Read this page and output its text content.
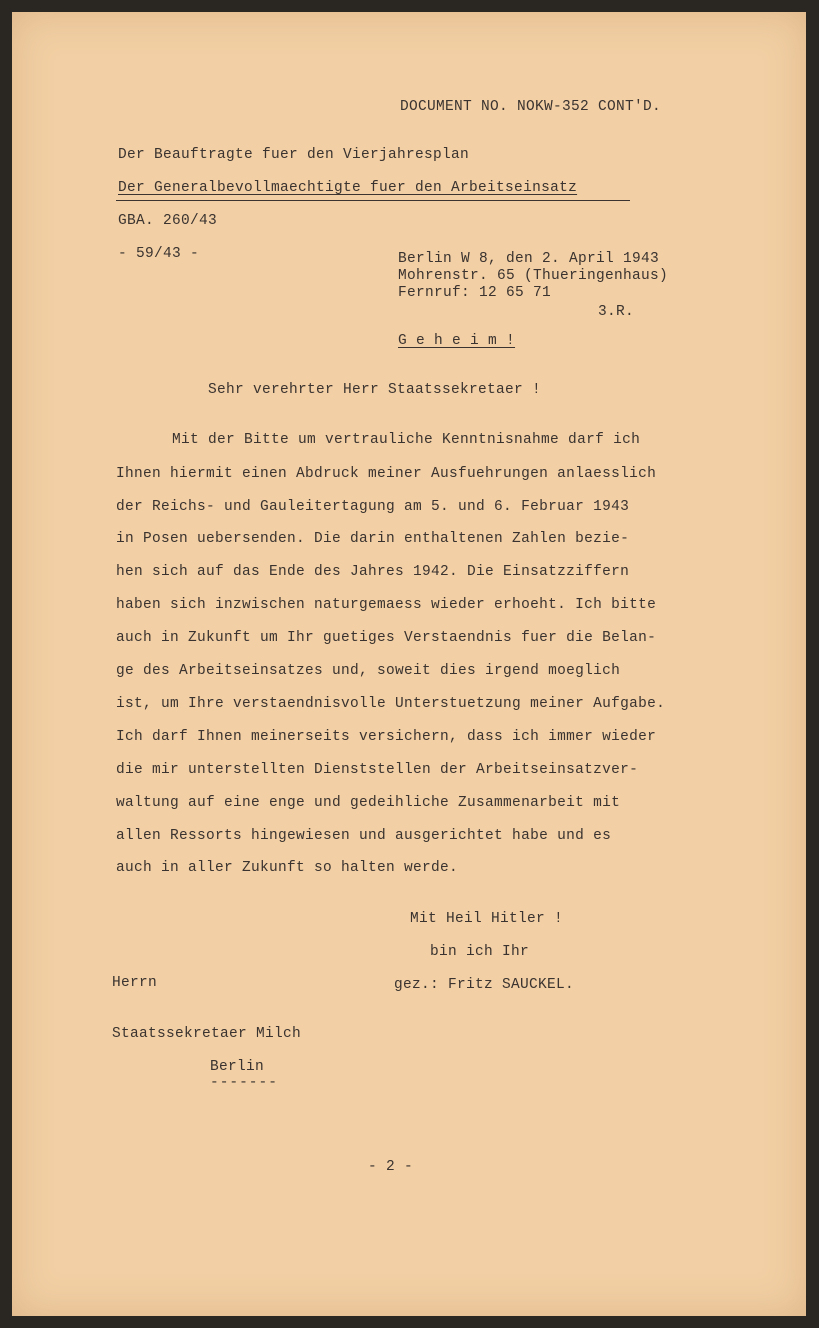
DOCUMENT NO. NOKW-352 CONT'D.
Der Beauftragte fuer den Vierjahresplan
Der Generalbevollmaechtigte fuer den Arbeitseinsatz
GBA. 260/43
- 59/43 -	Berlin W 8, den 2. April 1943
Mohrenstr. 65 (Thueringenhaus)
Fernruf: 12 65 71
3.R.
G e h e i m !
Sehr verehrter Herr Staatssekretaer !
Mit der Bitte um vertrauliche Kenntnisnahme darf ich
Ihnen hiermit einen Abdruck meiner Ausfuehrungen anlaesslich
der Reichs- und Gauleitertagung am 5. und 6. Februar 1943
in Posen uebersenden. Die darin enthaltenen Zahlen bezie-
hen sich auf das Ende des Jahres 1942. Die Einsatzziffern
haben sich inzwischen naturgemaess wieder erhoeht. Ich bitte
auch in Zukunft um Ihr guetiges Verstaendnis fuer die Belan-
ge des Arbeitseinsatzes und, soweit dies irgend moeglich
ist, um Ihre verstaendnisvolle Unterstuetzung meiner Aufgabe.
Ich darf Ihnen meinerseits versichern, dass ich immer wieder
die mir unterstellten Dienststellen der Arbeitseinsatzver-
waltung auf eine enge und gedeihliche Zusammenarbeit mit
allen Ressorts hingewiesen und ausgerichtet habe und es
auch in aller Zukunft so halten werde.
Mit Heil Hitler !
bin ich Ihr
gez.: Fritz SAUCKEL.
Herrn
Staatssekretaer Milch
Berlin
-------
- 2 -
